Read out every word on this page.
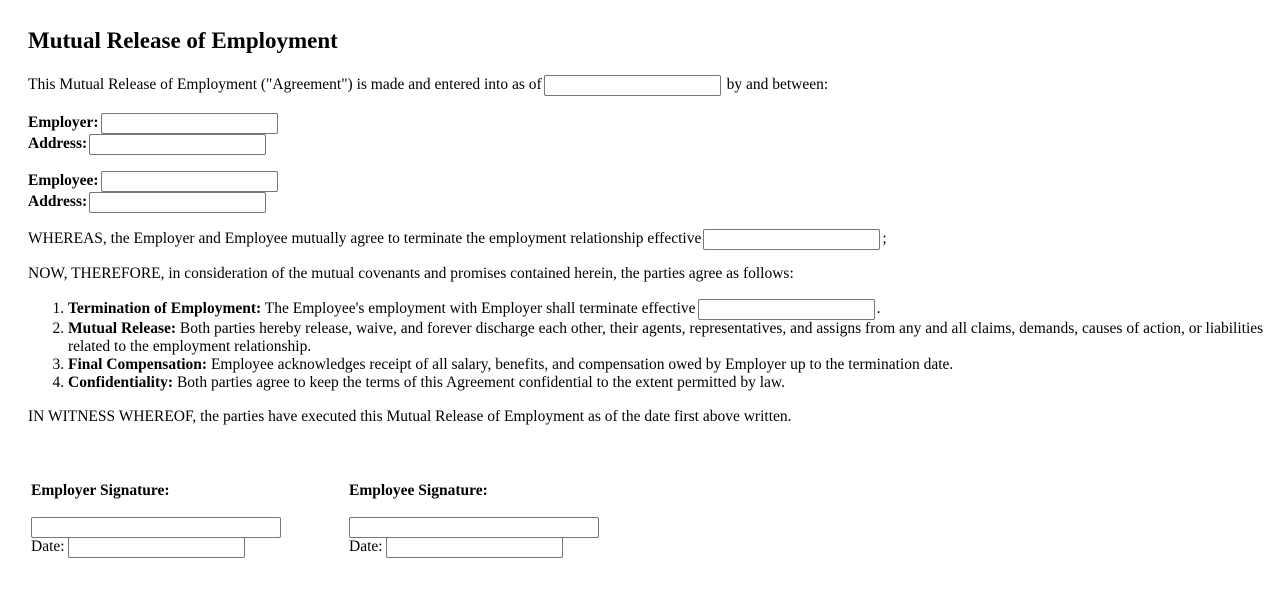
Mutual Release of Employment
This Mutual Release of Employment ("Agreement") is made and entered into as of	by and between:
Employer:
Address:
Employee:
Address:
WHEREAS, the Employer and Employee mutually agree to terminate the employment relationship effective	;
NOW, THEREFORE, in consideration of the mutual covenants and promises contained herein, the parties agree as follows:
1. Termination of Employment: The Employee's employment with Employer shall terminate effective	.
2. Mutual Release: Both parties hereby release, waive, and forever discharge each other, their agents, representatives, and assigns from any and all claims, demands, causes of action, or liabilities related to the employment relationship.
3. Final Compensation: Employee acknowledges receipt of all salary, benefits, and compensation owed by Employer up to the termination date.
4. Confidentiality: Both parties agree to keep the terms of this Agreement confidential to the extent permitted by law.
IN WITNESS WHEREOF, the parties have executed this Mutual Release of Employment as of the date first above written.
Employer Signature:
Date:
Employee Signature:
Date:
